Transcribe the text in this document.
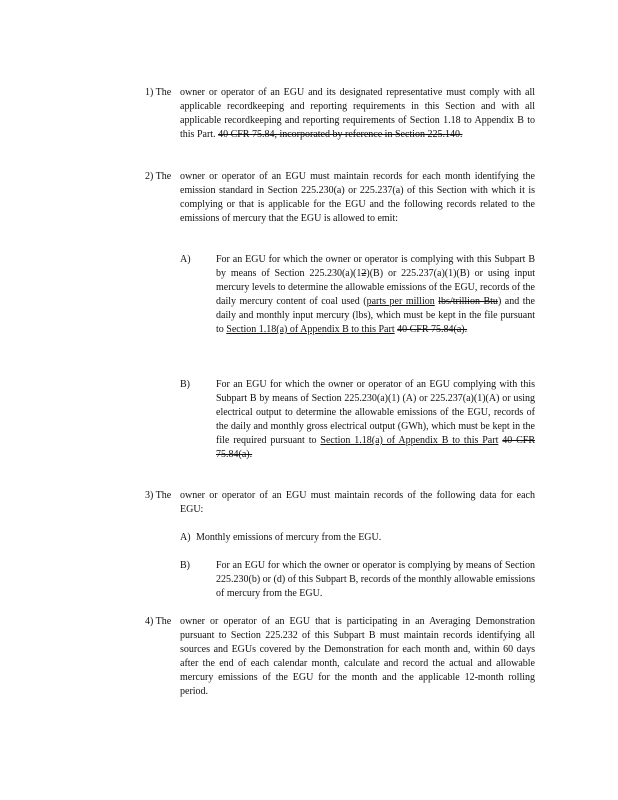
1) The owner or operator of an EGU and its designated representative must comply with all applicable recordkeeping and reporting requirements in this Section and with all applicable recordkeeping and reporting requirements of Section 1.18 to Appendix B to this Part. 40 CFR 75.84, incorporated by reference in Section 225.140.
2) The owner or operator of an EGU must maintain records for each month identifying the emission standard in Section 225.230(a) or 225.237(a) of this Section with which it is complying or that is applicable for the EGU and the following records related to the emissions of mercury that the EGU is allowed to emit:
A)	For an EGU for which the owner or operator is complying with this Subpart B by means of Section 225.230(a)(12)(B) or 225.237(a)(1)(B) or using input mercury levels to determine the allowable emissions of the EGU, records of the daily mercury content of coal used (parts per million lbs/trillion Btu) and the daily and monthly input mercury (lbs), which must be kept in the file pursuant to Section 1.18(a) of Appendix B to this Part 40 CFR 75.84(a).
B)	For an EGU for which the owner or operator of an EGU complying with this Subpart B by means of Section 225.230(a)(1) (A) or 225.237(a)(1)(A) or using electrical output to determine the allowable emissions of the EGU, records of the daily and monthly gross electrical output (GWh), which must be kept in the file required pursuant to Section 1.18(a) of Appendix B to this Part 40 CFR 75.84(a).
3) The owner or operator of an EGU must maintain records of the following data for each EGU:
A) Monthly emissions of mercury from the EGU.
B)	For an EGU for which the owner or operator is complying by means of Section 225.230(b) or (d) of this Subpart B, records of the monthly allowable emissions of mercury from the EGU.
4) The owner or operator of an EGU that is participating in an Averaging Demonstration pursuant to Section 225.232 of this Subpart B must maintain records identifying all sources and EGUs covered by the Demonstration for each month and, within 60 days after the end of each calendar month, calculate and record the actual and allowable mercury emissions of the EGU for the month and the applicable 12-month rolling period.
